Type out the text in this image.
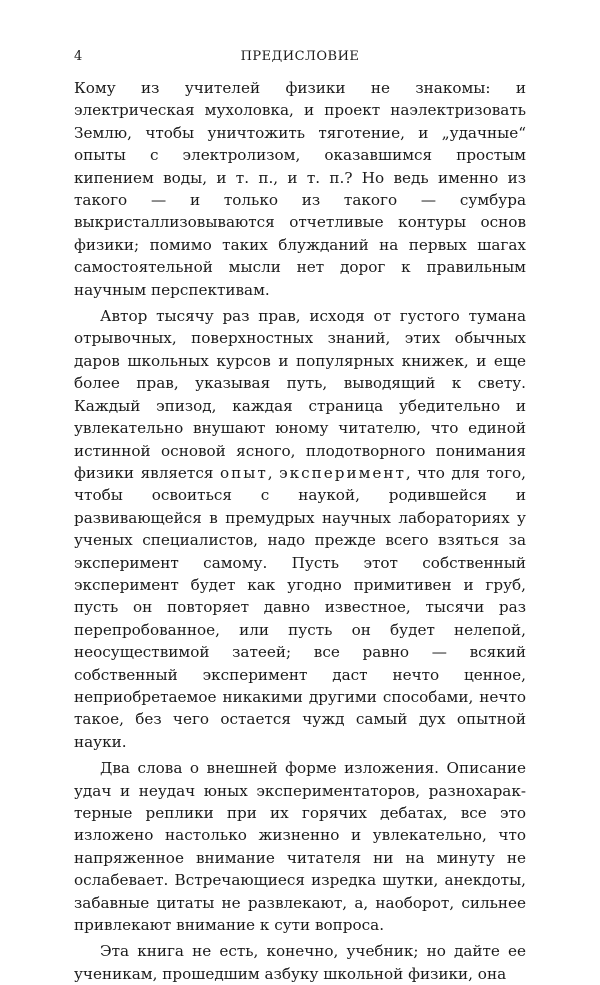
4	ПРЕДИСЛОВИЕ

Кому из учителей физики не знакомы: и электрическая мухоловка, и проект наэлектризовать Землю, чтобы уничтожить тяготение, и „удачные“ опыты с электролизом, оказавшимся простым кипением воды, и т. п., и т. п.? Но ведь именно из такого — и только из такого — сумбура выкристаллизовываются отчетливые контуры основ физики; помимо таких блужданий на первых шагах самостоятельной мысли нет дорог к правильным научным перспективам.

Автор тысячу раз прав, исходя от густого тумана отрывочных, поверхностных знаний, этих обычных даров школьных курсов и популярных книжек, и еще более прав, указывая путь, выводящий к свету. Каждый эпизод, каждая страница убедительно и увлекательно внушают юному читателю, что единой истинной основой ясного, плодотворного понимания физики является опыт, эксперимент, что для того, чтобы освоиться с наукой, родившейся и развивающейся в премудрых научных лабораториях у ученых специалистов, надо прежде всего взяться за эксперимент самому. Пусть этот собственный эксперимент будет как угодно примитивен и груб, пусть он повторяет давно известное, тысячи раз перепробованное, или пусть он будет нелепой, неосуществимой затеей; все равно — всякий собственный эксперимент даст нечто ценное, неприобретаемое никакими другими способами, нечто такое, без чего остается чужд самый дух опытной науки.

Два слова о внешней форме изложения. Описание удач и неудач юных экспериментаторов, разнохарактерные реплики при их горячих дебатах, все это изложено настолько жизненно и увлекательно, что напряженное внимание читателя ни на минуту не ослабевает. Встречающиеся изредка шутки, анекдоты, забавные цитаты не развлекают, а, наоборот, сильнее привлекают внимание к сути вопроса.

Эта книга не есть, конечно, учебник; но дайте ее ученикам, прошедшим азбуку школьной физики, она
